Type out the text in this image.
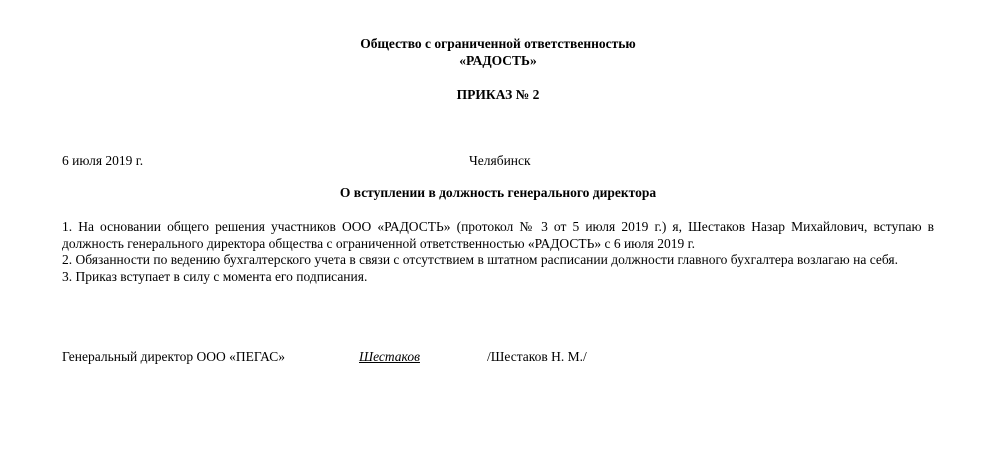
Общество с ограниченной ответственностью
«РАДОСТЬ»
ПРИКАЗ № 2
6 июля 2019 г.	Челябинск
О вступлении в должность генерального директора

1. На основании общего решения участников ООО «РАДОСТЬ» (протокол № 3 от 5 июля 2019 г.) я, Шестаков Назар Михайлович, вступаю в должность генерального директора общества с ограниченной ответственностью «РАДОСТЬ» с 6 июля 2019 г.

2. Обязанности по ведению бухгалтерского учета в связи с отсутствием в штатном расписании должности главного бухгалтера возлагаю на себя.

3. Приказ вступает в силу с момента его подписания.

Генеральный директор ООО «ПЕГАС»	Шестаков	/Шестаков Н. М./
